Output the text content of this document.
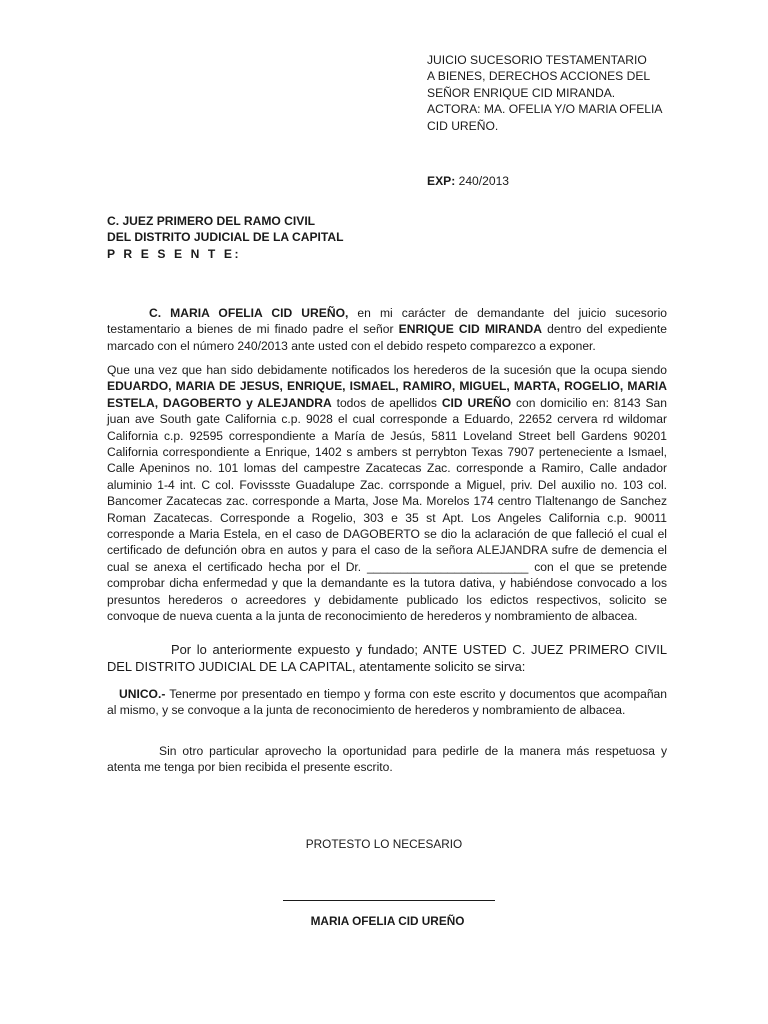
JUICIO SUCESORIO TESTAMENTARIO
A BIENES, DERECHOS ACCIONES DEL
SEÑOR ENRIQUE CID MIRANDA.
ACTORA: MA. OFELIA Y/O MARIA OFELIA
CID UREÑO.
EXP: 240/2013
C. JUEZ PRIMERO DEL RAMO CIVIL
DEL DISTRITO JUDICIAL DE LA CAPITAL
P R E S E N T E:
C. MARIA OFELIA CID UREÑO, en mi carácter de demandante del juicio sucesorio testamentario a bienes de mi finado padre el señor ENRIQUE CID MIRANDA dentro del expediente marcado con el número 240/2013 ante usted con el debido respeto comparezco a exponer.
Que una vez que han sido debidamente notificados los herederos de la sucesión que la ocupa siendo EDUARDO, MARIA DE JESUS, ENRIQUE, ISMAEL, RAMIRO, MIGUEL, MARTA, ROGELIO, MARIA ESTELA, DAGOBERTO y ALEJANDRA todos de apellidos CID UREÑO con domicilio en: 8143 San juan ave South gate California c.p. 9028 el cual corresponde a Eduardo, 22652 cervera rd wildomar California c.p. 92595 correspondiente a María de Jesús, 5811 Loveland Street bell Gardens 90201 California correspondiente a Enrique, 1402 s ambers st perrybton Texas 7907 perteneciente a Ismael, Calle Apeninos no. 101 lomas del campestre Zacatecas Zac. corresponde a Ramiro, Calle andador aluminio 1-4 int. C col. Fovissste Guadalupe Zac. corrsponde a Miguel, priv. Del auxilio no. 103 col. Bancomer Zacatecas zac. corresponde a Marta, Jose Ma. Morelos 174 centro Tlaltenango de Sanchez Roman Zacatecas. Corresponde a Rogelio, 303 e 35 st Apt. Los Angeles California c.p. 90011 corresponde a Maria Estela, en el caso de DAGOBERTO se dio la aclaración de que falleció el cual el certificado de defunción obra en autos y para el caso de la señora ALEJANDRA sufre de demencia el cual se anexa el certificado hecha por el Dr. ________________________ con el que se pretende comprobar dicha enfermedad y que la demandante es la tutora dativa, y habiéndose convocado a los presuntos herederos o acreedores y debidamente publicado los edictos respectivos, solicito se convoque de nueva cuenta a la junta de reconocimiento de herederos y nombramiento de albacea.
Por lo anteriormente expuesto y fundado; ANTE USTED C. JUEZ PRIMERO CIVIL DEL DISTRITO JUDICIAL DE LA CAPITAL, atentamente solicito se sirva:
UNICO.- Tenerme por presentado en tiempo y forma con este escrito y documentos que acompañan al mismo, y se convoque a la junta de reconocimiento de herederos y nombramiento de albacea.
Sin otro particular aprovecho la oportunidad para pedirle de la manera más respetuosa y atenta me tenga por bien recibida el presente escrito.
PROTESTO LO NECESARIO
MARIA OFELIA CID UREÑO
